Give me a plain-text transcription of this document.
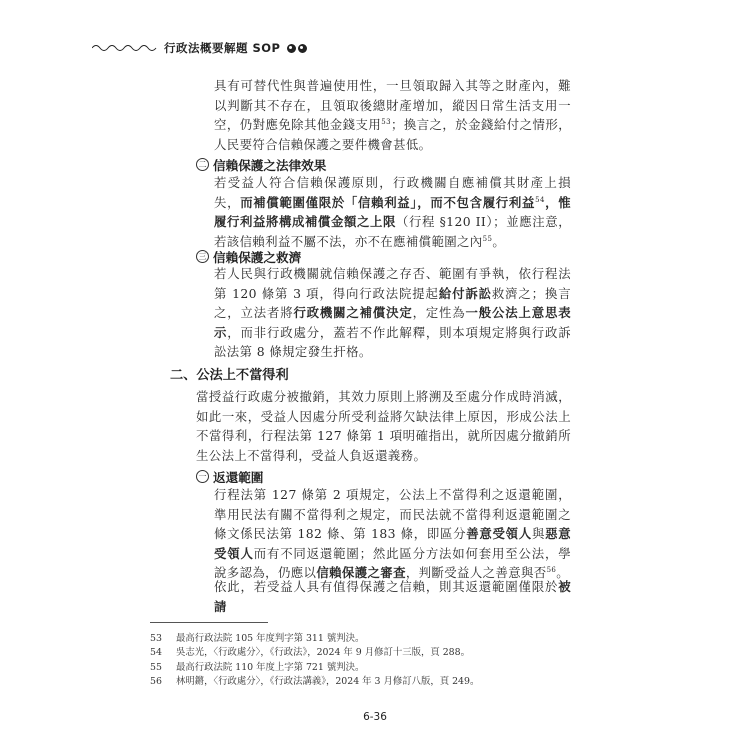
行政法概要解題 SOP
具有可替代性與普遍使用性，一旦領取歸入其等之財產內，難以判斷其不存在，且領取後總財產增加，縱因日常生活支用一空，仍對應免除其他金錢支用$^{53}$；換言之，於金錢給付之情形，人民要符合信賴保護之要件機會甚低。
二 信賴保護之法律效果
若受益人符合信賴保護原則，行政機關自應補償其財產上損失，而補償範圍僅限於「信賴利益」，而不包含履行利益$^{54}$，惟履行利益將構成補償金額之上限（行程 §120 II）；並應注意，若該信賴利益不屬不法，亦不在應補償範圍之內$^{55}$。
三 信賴保護之救濟
若人民與行政機關就信賴保護之存否、範圍有爭執，依行程法第 120 條第 3 項，得向行政法院提起給付訴訟救濟之；換言之，立法者將行政機關之補償決定，定性為一般公法上意思表示，而非行政處分，蓋若不作此解釋，則本項規定將與行政訴訟法第 8 條規定發生扞格。
二、公法上不當得利
當授益行政處分被撤銷，其效力原則上將溯及至處分作成時消滅，如此一來，受益人因處分所受利益將欠缺法律上原因，形成公法上不當得利，行程法第 127 條第 1 項明確指出，就所因處分撤銷所生公法上不當得利，受益人負返還義務。
一 返還範圍
行程法第 127 條第 2 項規定，公法上不當得利之返還範圍，準用民法有關不當得利之規定，而民法就不當得利返還範圍之條文係民法第 182 條、第 183 條，即區分善意受領人與惡意受領人而有不同返還範圍；然此區分方法如何套用至公法，學說多認為，仍應以信賴保護之審查，判斷受益人之善意與否$^{56}$。
依此，若受益人具有值得保護之信賴，則其返還範圍僅限於被請
53	最高行政法院 105 年度判字第 311 號判決。
54	吳志光，〈行政處分〉，《行政法》，2024 年 9 月修訂十三版，頁 288。
55	最高行政法院 110 年度上字第 721 號判決。
56	林明鏘，〈行政處分〉，《行政法講義》，2024 年 3 月修訂八版，頁 249。
6-36
